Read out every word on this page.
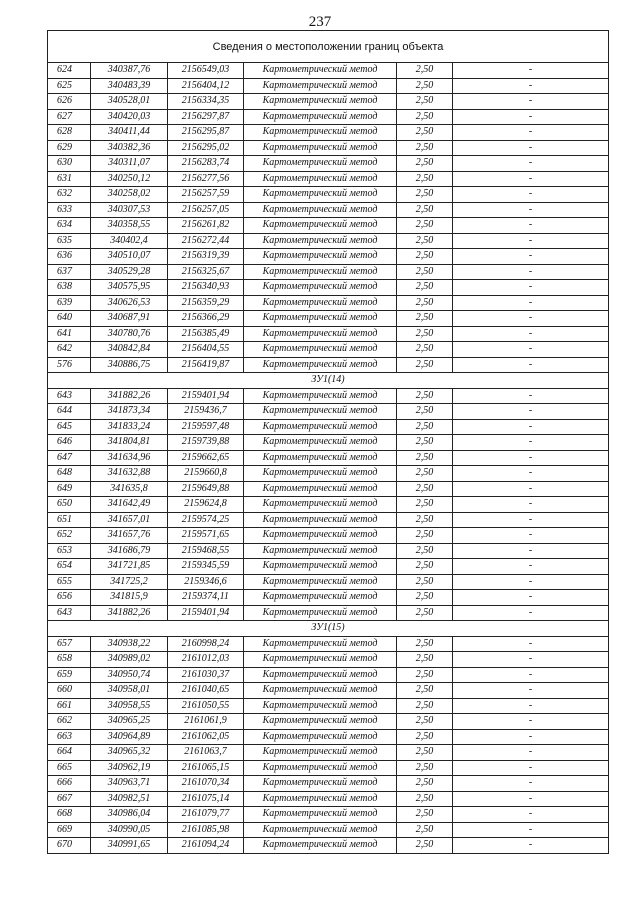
237
Сведения о местоположении границ объекта					
624	340387,76	2156549,03	Картометрический метод	2,50	-
625	340483,39	2156404,12	Картометрический метод	2,50	-
626	340528,01	2156334,35	Картометрический метод	2,50	-
627	340420,03	2156297,87	Картометрический метод	2,50	-
628	340411,44	2156295,87	Картометрический метод	2,50	-
629	340382,36	2156295,02	Картометрический метод	2,50	-
630	340311,07	2156283,74	Картометрический метод	2,50	-
631	340250,12	2156277,56	Картометрический метод	2,50	-
632	340258,02	2156257,59	Картометрический метод	2,50	-
633	340307,53	2156257,05	Картометрический метод	2,50	-
634	340358,55	2156261,82	Картометрический метод	2,50	-
635	340402,4	2156272,44	Картометрический метод	2,50	-
636	340510,07	2156319,39	Картометрический метод	2,50	-
637	340529,28	2156325,67	Картометрический метод	2,50	-
638	340575,95	2156340,93	Картометрический метод	2,50	-
639	340626,53	2156359,29	Картометрический метод	2,50	-
640	340687,91	2156366,29	Картометрический метод	2,50	-
641	340780,76	2156385,49	Картометрический метод	2,50	-
642	340842,84	2156404,55	Картометрический метод	2,50	-
576	340886,75	2156419,87	Картометрический метод	2,50	-
ЗУ1(14)					
643	341882,26	2159401,94	Картометрический метод	2,50	-
644	341873,34	2159436,7	Картометрический метод	2,50	-
645	341833,24	2159597,48	Картометрический метод	2,50	-
646	341804,81	2159739,88	Картометрический метод	2,50	-
647	341634,96	2159662,65	Картометрический метод	2,50	-
648	341632,88	2159660,8	Картометрический метод	2,50	-
649	341635,8	2159649,88	Картометрический метод	2,50	-
650	341642,49	2159624,8	Картометрический метод	2,50	-
651	341657,01	2159574,25	Картометрический метод	2,50	-
652	341657,76	2159571,65	Картометрический метод	2,50	-
653	341686,79	2159468,55	Картометрический метод	2,50	-
654	341721,85	2159345,59	Картометрический метод	2,50	-
655	341725,2	2159346,6	Картометрический метод	2,50	-
656	341815,9	2159374,11	Картометрический метод	2,50	-
643	341882,26	2159401,94	Картометрический метод	2,50	-
ЗУ1(15)					
657	340938,22	2160998,24	Картометрический метод	2,50	-
658	340989,02	2161012,03	Картометрический метод	2,50	-
659	340950,74	2161030,37	Картометрический метод	2,50	-
660	340958,01	2161040,65	Картометрический метод	2,50	-
661	340958,55	2161050,55	Картометрический метод	2,50	-
662	340965,25	2161061,9	Картометрический метод	2,50	-
663	340964,89	2161062,05	Картометрический метод	2,50	-
664	340965,32	2161063,7	Картометрический метод	2,50	-
665	340962,19	2161065,15	Картометрический метод	2,50	-
666	340963,71	2161070,34	Картометрический метод	2,50	-
667	340982,51	2161075,14	Картометрический метод	2,50	-
668	340986,04	2161079,77	Картометрический метод	2,50	-
669	340990,05	2161085,98	Картометрический метод	2,50	-
670	340991,65	2161094,24	Картометрический метод	2,50	-
